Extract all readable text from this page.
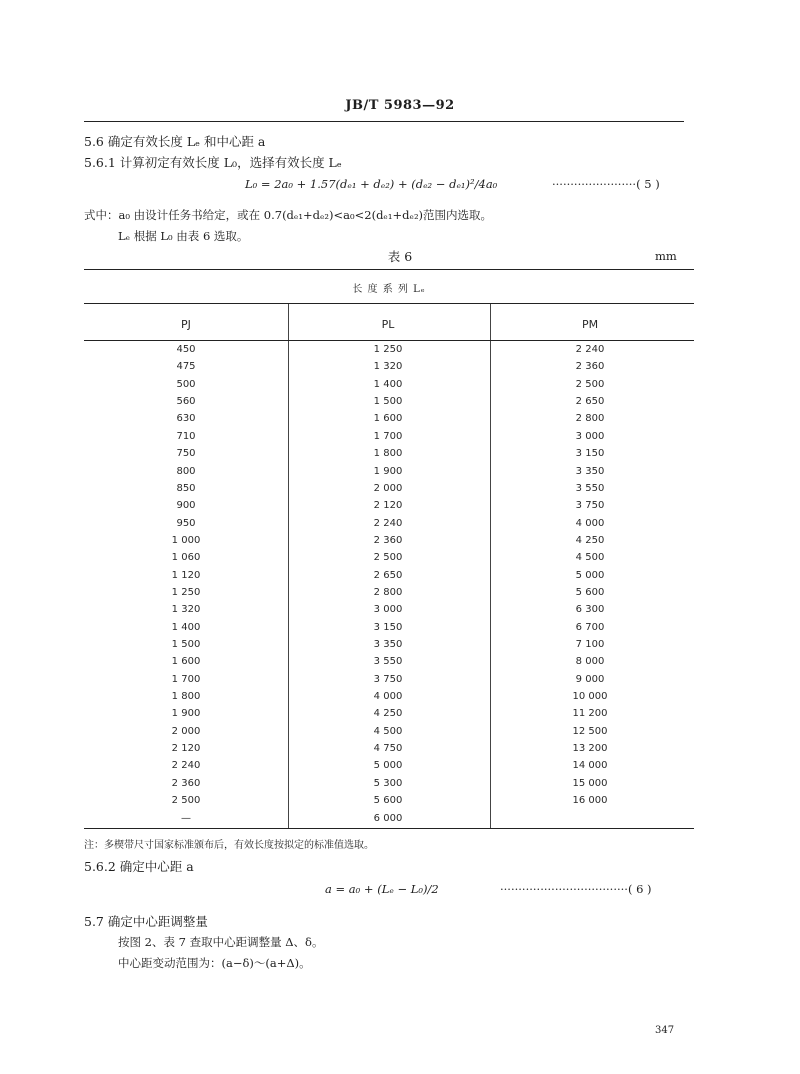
JB/T 5983—92
5.6 确定有效长度 Lₑ 和中心距 a
5.6.1 计算初定有效长度 L₀，选择有效长度 Lₑ
L₀ = 2a₀ + 1.57(dₑ₁ + dₑ₂) + (dₑ₂ − dₑ₁)²/4a₀	·······················( 5 )
式中：a₀ 由设计任务书给定，或在 0.7(dₑ₁+dₑ₂)<a₀<2(dₑ₁+dₑ₂)范围内选取。
Lₑ 根据 L₀ 由表 6 选取。
表 6	mm
长 度 系 列 Lₑ
PJ	PL	PM
450	1 250	2 240
475	1 320	2 360
500	1 400	2 500
560	1 500	2 650
630	1 600	2 800
710	1 700	3 000
750	1 800	3 150
800	1 900	3 350
850	2 000	3 550
900	2 120	3 750
950	2 240	4 000
1 000	2 360	4 250
1 060	2 500	4 500
1 120	2 650	5 000
1 250	2 800	5 600
1 320	3 000	6 300
1 400	3 150	6 700
1 500	3 350	7 100
1 600	3 550	8 000
1 700	3 750	9 000
1 800	4 000	10 000
1 900	4 250	11 200
2 000	4 500	12 500
2 120	4 750	13 200
2 240	5 000	14 000
2 360	5 300	15 000
2 500	5 600	16 000
—	6 000
注：多楔带尺寸国家标准颁布后，有效长度按拟定的标准值选取。
5.6.2 确定中心距 a
a = a₀ + (Lₑ − L₀)/2	···································( 6 )
5.7 确定中心距调整量
按图 2、表 7 查取中心距调整量 Δ、δ。
中心距变动范围为：(a−δ)～(a+Δ)。
347
